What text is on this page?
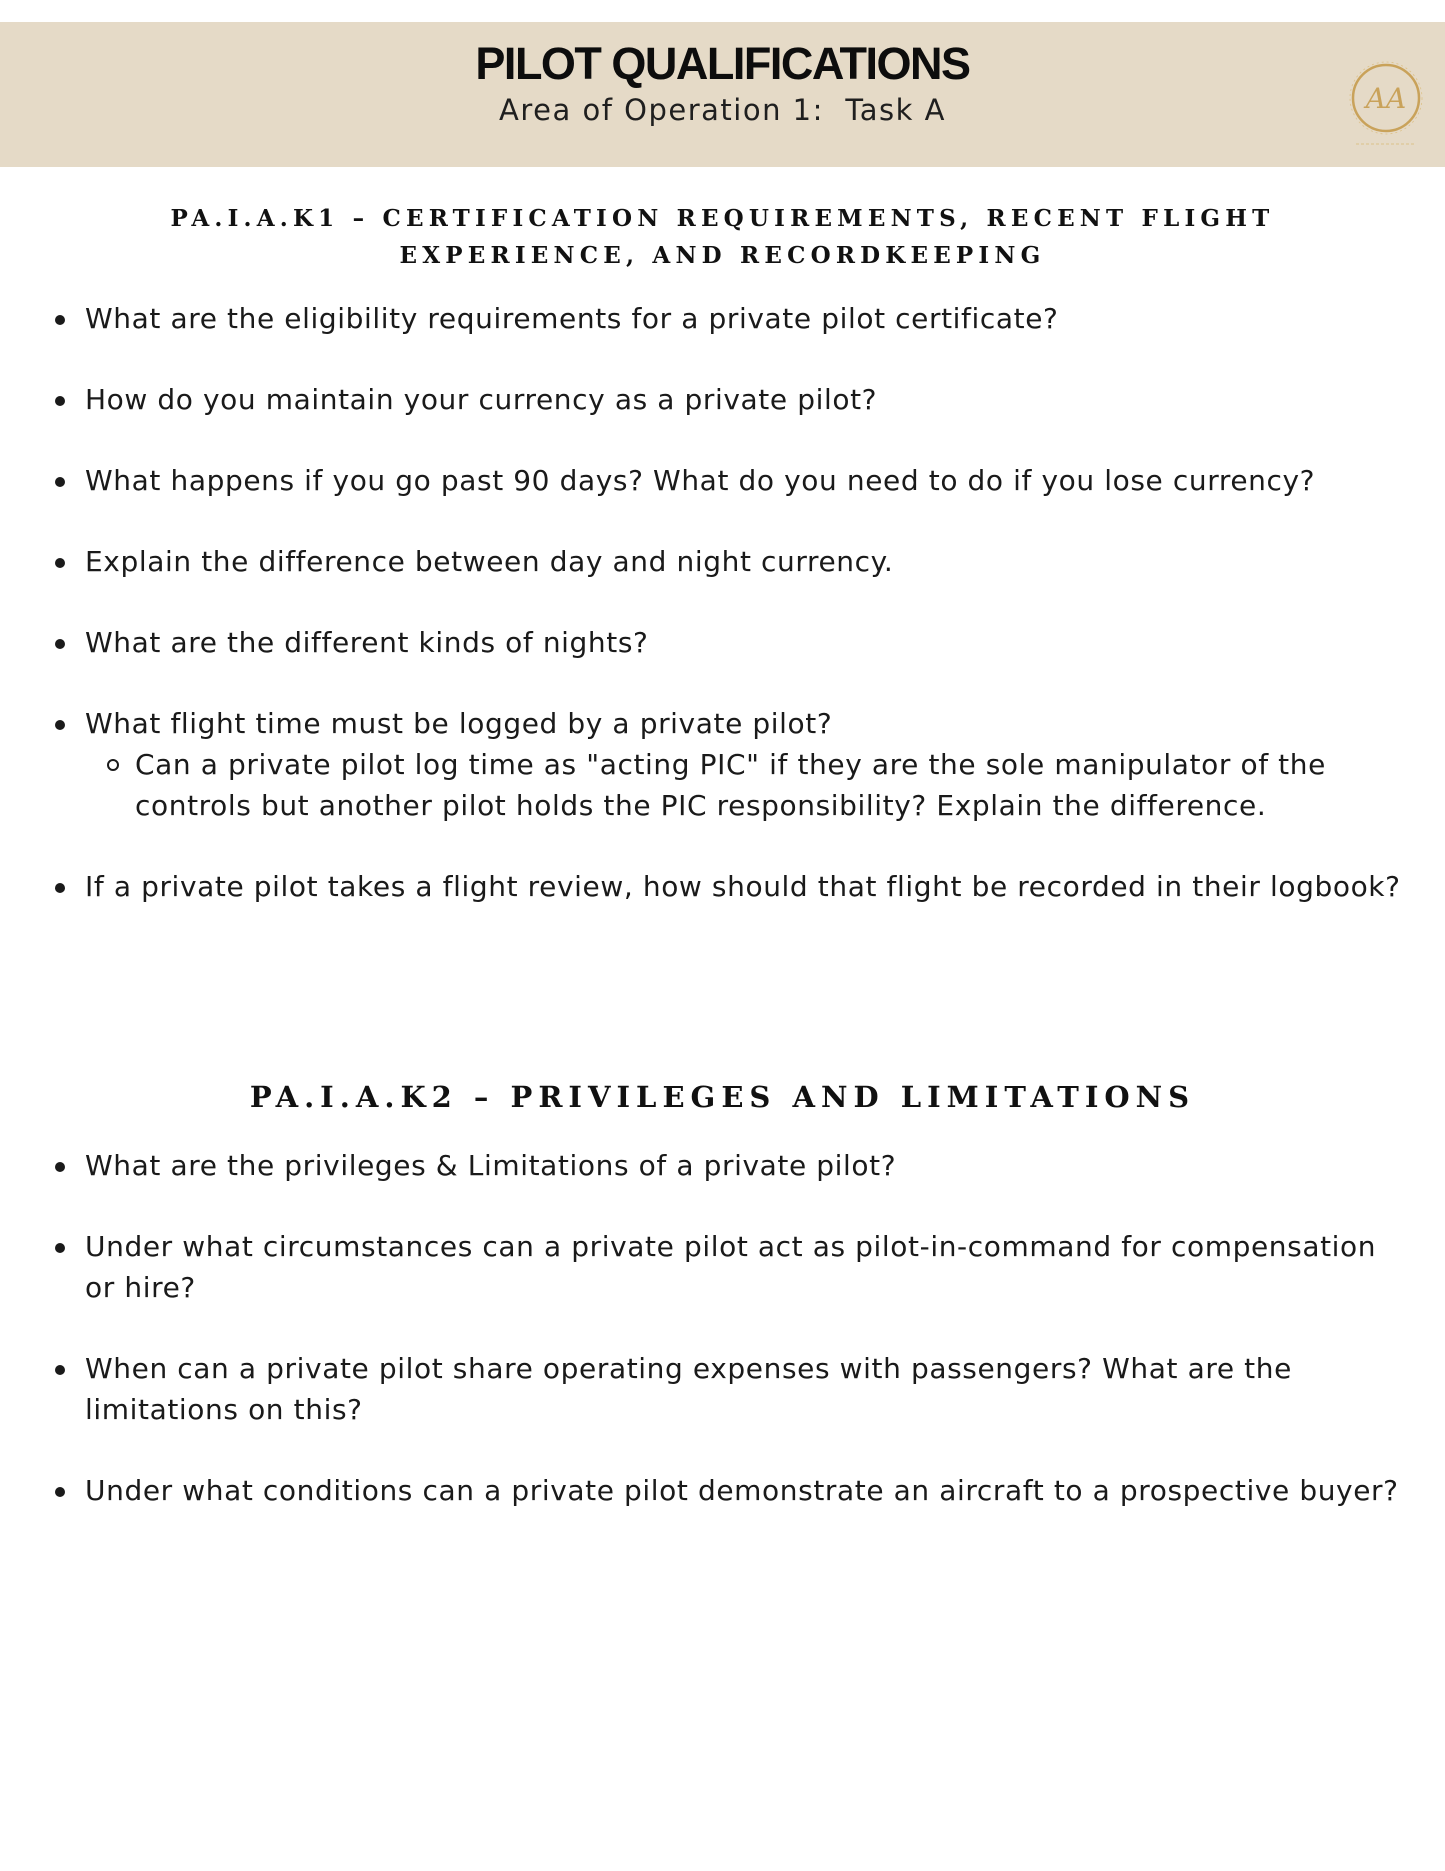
PILOT QUALIFICATIONS
Area of Operation 1:  Task A	AA
PA.I.A.K1 – CERTIFICATION REQUIREMENTS, RECENT FLIGHT EXPERIENCE, AND RECORDKEEPING
What are the eligibility requirements for a private pilot certificate?
How do you maintain your currency as a private pilot?
What happens if you go past 90 days? What do you need to do if you lose currency?
Explain the difference between day and night currency.
What are the different kinds of nights?
What flight time must be logged by a private pilot?
Can a private pilot log time as "acting PIC" if they are the sole manipulator of the controls but another pilot holds the PIC responsibility? Explain the difference.
If a private pilot takes a flight review, how should that flight be recorded in their logbook?
PA.I.A.K2 – PRIVILEGES AND LIMITATIONS
What are the privileges & Limitations of a private pilot?
Under what circumstances can a private pilot act as pilot-in-command for compensation or hire?
When can a private pilot share operating expenses with passengers? What are the limitations on this?
Under what conditions can a private pilot demonstrate an aircraft to a prospective buyer?
